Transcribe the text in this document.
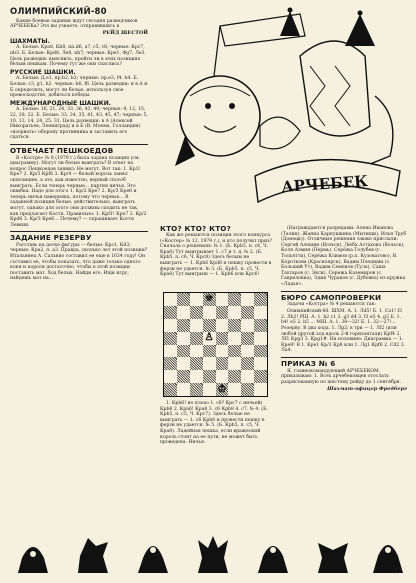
ОЛИМПИЙСКИЙ-80

Какие боевые задания ждут сегодня разведчиков АРЧЕБЕКа? Это вы узнаете, отправившись в

РЕЙД ШЕСТОЙ
ШАХМАТЫ.

А. Белые: Крa8, Кb8, пп.d6, a7, c5, c6; черные: Крc7, пb3. Б. Белые: Крd8, Лe8, пh7; черные: Крe1, Фg7, Лe3. Цель разведки: выяснить, пройти ли в этих позициях белым пешкам. Почему тут же они спаслись?

РУССКИЕ ШАШКИ.

А. Белые: Д.e1, пр.b2, h2; черные: пр.e3, f4, h4. Б. Белые: c3, g1, h2. черные: b6, f6. Цель разведки: и в А и Б определить, могут ли белые, используя свое превосходство, добиться победы.

МЕЖДУНАРОДНЫЕ ШАШКИ.

А. Белые: 16, 21, 24, 33, 36, 43, 49; черные: 9, 12, 15, 22, 28, 32. Б. Белые: 33, 34, 35, 41, 43, 45, 47; черные: 5, 10, 13, 14, 24, 25, 31. Цель разведки: в А (Алексей Никоратьев, Ленинград) и в Б (В. Моема, Голландия) «взорвать» оборону противника и заставить его сдаться.

ОТВЕЧАЕТ ПЕШКОЕДОВ

В «Костре» № 8 (1979 г.) была задана позиция (см. диаграмму). Могут ли белые выиграть? В ответ на вопрос Пешкоедов заявил: Не могут. Вот так: 1. Кр/2 Кре7 2. Кр/3 Крf6 3. Кр/4 — белый король занял оппозицию, а это, как известно, верный способ выиграть. Если теперь черные... партия ничья. Это ошибка. Надо для этого 1. Кр/2 Кре7 2. Кр/3 Кре6 и теперь ничья наверняка, потому что черные... В заданной позиции белые, действительно, выиграть могут, однако для этого они должны сходить не так, как предлагает Костя. Правильно: 1. Крf1! Кре7 2. Кр/2 Крd6 3. Кр/3 Кре6... Почему? — спрашивает Костя Левкин.

ЗАДАНИЕ РЕЗЕРВУ

Расставь на доске фигуры — белые: Крс1, Кd3; черные: Крa2, п. a3. Правда, сколько лет этой позиции? Итальянец А. Сальвио составил ее еще в 1634 году! Он составил ее, чтобы показать, что даже только одного коня и короля достаточно, чтобы в этой позиции поставить мат. Ход белых. Найди его. Ищи игру, найдешь мат на...

АРЧЕБЕК
КТО? КТО? КТО?

Как же решаются позиции этого конкурса («Костер» № 12, 1979 г.), и кто получит приз? Сначала о решениях: № 1. (Б. Крb5, п. c6, Ч. Кра8) Тут выигрывает 1. c7 и т. д. № 2. (Б. Крb5, п. c6, Ч. Крс8) Здесь белым не выиграть — 1. Крb6 Крd8 и пешку провести в ферзи не удается. № 3. (Б. Крb5, п. c5, Ч. Кра8) Тут выигрыш — 1. Крb6 или Крс6!

♚
♙
♔

1. Крb6! но плохо 1. c6? Крс7 с ничьей) Крb8 2. Кра6! Кра8 3. с6 Крb8 4. с7. № 4. (Б. Крb5, п. c5, Ч. Крс7). Здесь белые не выиграть — 1. с6 Крb8 и провести пешку в ферзи не удается. № 5. (Б. Крb5, п. c5, Ч. Кра8). Ладейная пешка, если вражеский король стоит на ее пути, не может быть проведена. Ничья.

(Награждаются разрядами: Алена Иванова (Талин), Жанна Карпушкина (Мытищи), Илья Труб (Донецк)). Отличные решения также прислали: Сергей Алешин (Вольск), Люба Астахова (Вольск), Коля Азмин (Пермь), Серёжа Голубев (г. Тольятти), Серёжа Климов (р.п. Кузоватово), В. Короткова (Красноярск), Вадим Плешкин (с. Больший Ут), Вадим Семенов (Тула), Саша Тахтаров (с. Экси), Сережа Каземиров (с. Гавриловка), Эдик Чураков (с. Дубовка) из кружка «Ладья».

БЮРО САМОПРОВЕРКИ

Задачи «Костра» № 4 решаются так:

Олимпийский-80. ШХМ. А. 1. Лd5! Б. 1. Сa1! f3 2. Лb2! РШ. А. 1. h2 c1 2. g3 d4 3. f3 e5 4. g3 Б. 1. b4! e5 2. b5 ... МШ. А. 1. 38—32! Б. 1. 32—27!... Резерву. В два хода. 1. Лg2; в три — 1. Лf2 (или любой другой ход вдоль 2-й горизонтали) Крf4 2. Лf1 Крg3 3. Крg1#. На половине: Диаграмма — 1. Крe8! В 1. Кре1 Кр/1 Кр8 или 1. Лg1 Крf6 2. Сd2 3. Ла4.

ПРИКАЗ № 6

Я, главнокомандующий АРЧЕБЕКОМ, приказываю: 1. Всех арчебековцев отослать разрисованную по шестому рейду до 1 сентября.

Шахмат-офицер Фредберг
47
